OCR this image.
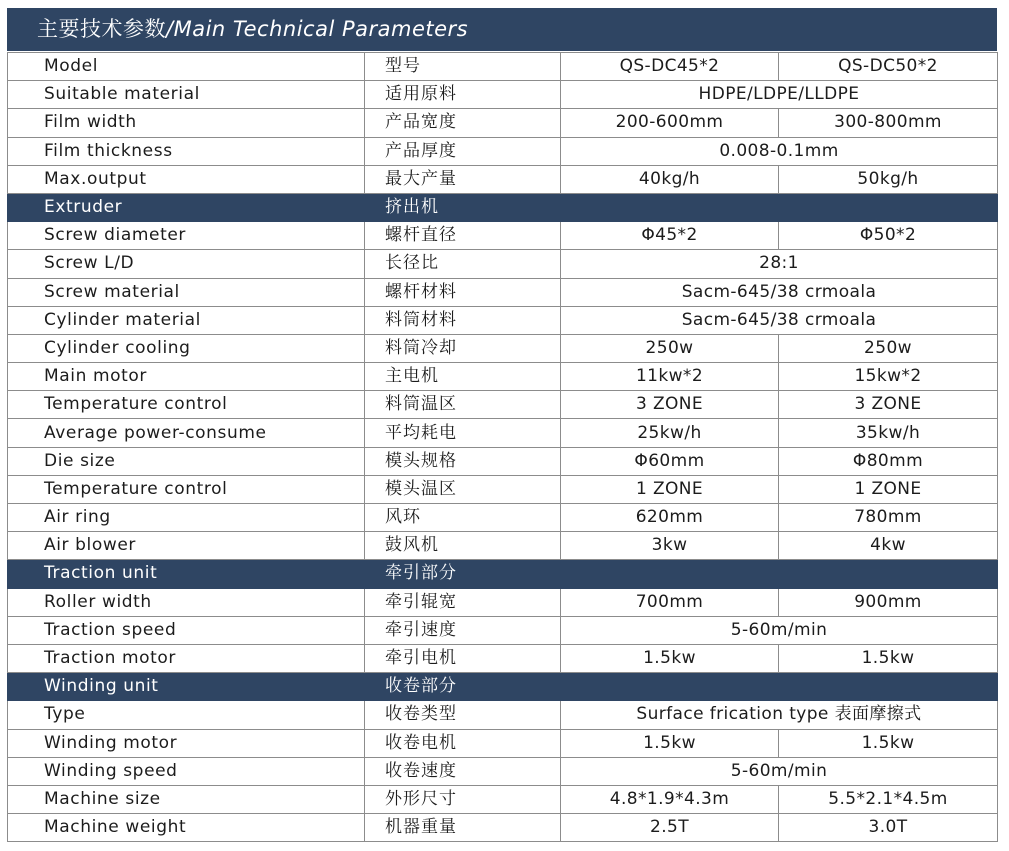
主要技术参数/Main Technical Parameters
Model	型号	QS-DC45*2	QS-DC50*2
Suitable material	适用原料	HDPE/LDPE/LLDPE	
Film width	产品宽度	200-600mm	300-800mm
Film thickness	产品厚度	0.008-0.1mm	
Max.output	最大产量	40kg/h	50kg/h
Extruder	挤出机		
Screw diameter	螺杆直径	Φ45*2	Φ50*2
Screw L/D	长径比	28:1	
Screw material	螺杆材料	Sacm-645/38 crmoala	
Cylinder material	料筒材料	Sacm-645/38 crmoala	
Cylinder cooling	料筒冷却	250w	250w
Main motor	主电机	11kw*2	15kw*2
Temperature control	料筒温区	3 ZONE	3 ZONE
Average power-consume	平均耗电	25kw/h	35kw/h
Die size	模头规格	Φ60mm	Φ80mm
Temperature control	模头温区	1 ZONE	1 ZONE
Air ring	风环	620mm	780mm
Air blower	鼓风机	3kw	4kw
Traction unit	牵引部分		
Roller width	牵引辊宽	700mm	900mm
Traction speed	牵引速度	5-60m/min	
Traction motor	牵引电机	1.5kw	1.5kw
Winding unit	收卷部分		
Type	收卷类型	Surface frication type 表面摩擦式	
Winding motor	收卷电机	1.5kw	1.5kw
Winding speed	收卷速度	5-60m/min	
Machine size	外形尺寸	4.8*1.9*4.3m	5.5*2.1*4.5m
Machine weight	机器重量	2.5T	3.0T
